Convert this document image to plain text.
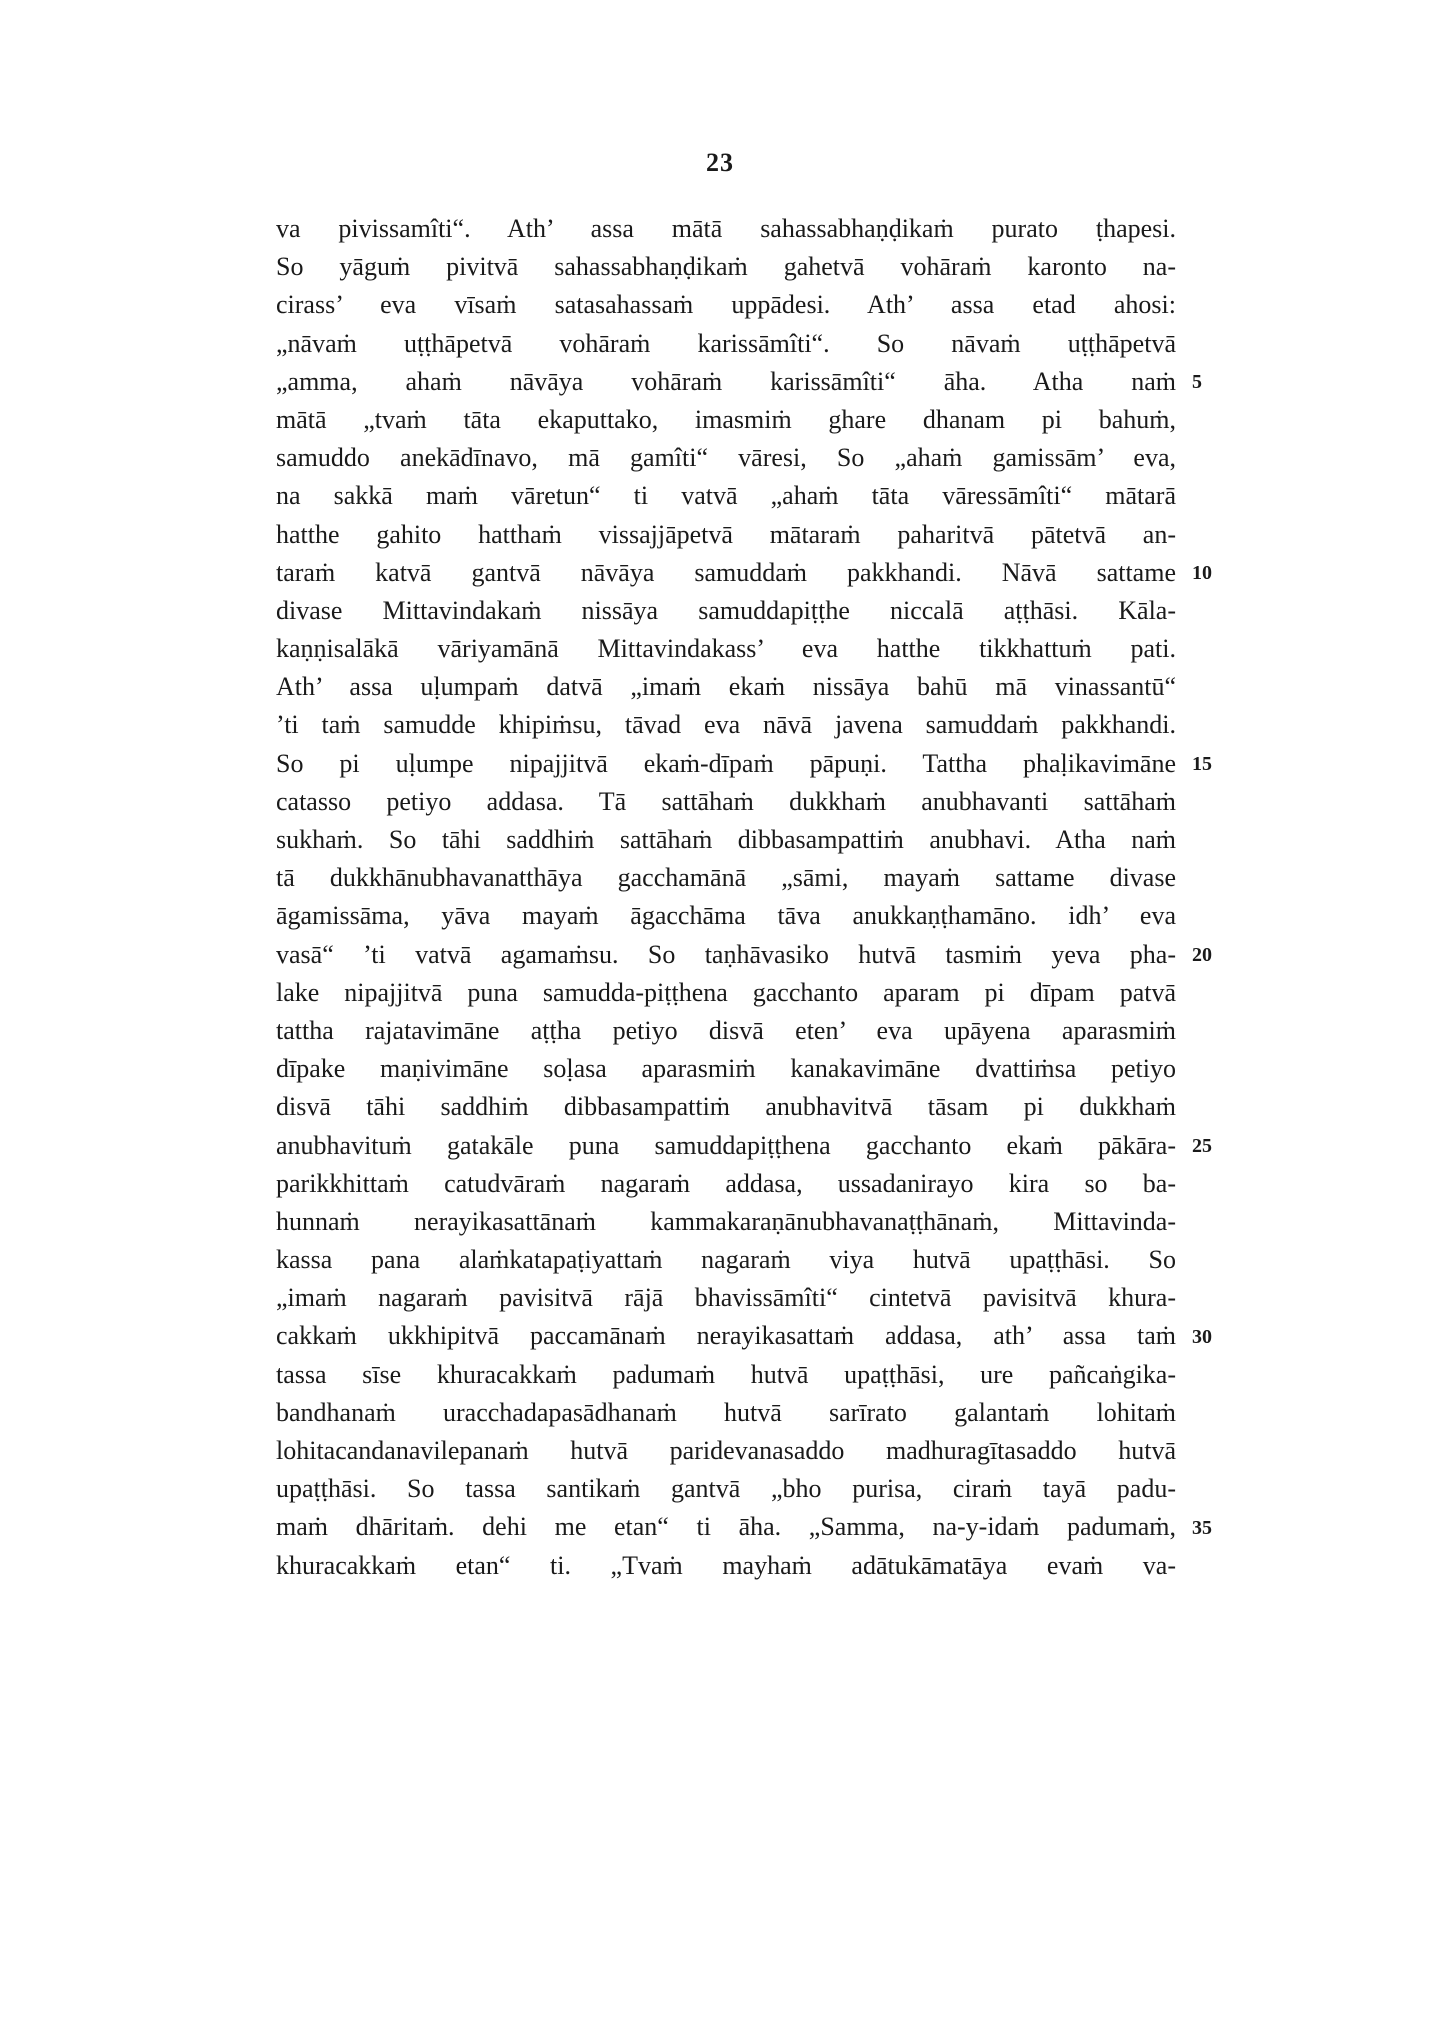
23
va pivissamîti“. Ath’ assa mātā sahassabhaṇḍikaṁ purato ṭhapesi.
So yāguṁ pivitvā sahassabhaṇḍikaṁ gahetvā vohāraṁ karonto na-
cirass’ eva vīsaṁ satasahassaṁ uppādesi. Ath’ assa etad ahosi:
„nāvaṁ uṭṭhāpetvā vohāraṁ karissāmîti“. So nāvaṁ uṭṭhāpetvā
„amma, ahaṁ nāvāya vohāraṁ karissāmîti“ āha. Atha naṁ
mātā „tvaṁ tāta ekaputtako, imasmiṁ ghare dhanam pi bahuṁ,
samuddo anekādīnavo, mā gamîti“ vāresi, So „ahaṁ gamissām’ eva,
na sakkā maṁ vāretun“ ti vatvā „ahaṁ tāta vāressāmîti“ mātarā
hatthe gahito hatthaṁ vissajjāpetvā mātaraṁ paharitvā pātetvā an-
taraṁ katvā gantvā nāvāya samuddaṁ pakkhandi. Nāvā sattame
divase Mittavindakaṁ nissāya samuddapiṭṭhe niccalā aṭṭhāsi. Kāla-
kaṇṇisalākā vāriyamānā Mittavindakass’ eva hatthe tikkhattuṁ pati.
Ath’ assa uḷumpaṁ datvā „imaṁ ekaṁ nissāya bahū mā vinassantū“
’ti taṁ samudde khipiṁsu, tāvad eva nāvā javena samuddaṁ pakkhandi.
So pi uḷumpe nipajjitvā ekaṁ-dīpaṁ pāpuṇi. Tattha phaḷikavimāne
catasso petiyo addasa. Tā sattāhaṁ dukkhaṁ anubhavanti sattāhaṁ
sukhaṁ. So tāhi saddhiṁ sattāhaṁ dibbasampattiṁ anubhavi. Atha naṁ
tā dukkhānubhavanatthāya gacchamānā „sāmi, mayaṁ sattame divase
āgamissāma, yāva mayaṁ āgacchāma tāva anukkaṇṭhamāno. idh’ eva
vasā“ ’ti vatvā agamaṁsu. So taṇhāvasiko hutvā tasmiṁ yeva pha-
lake nipajjitvā puna samudda-piṭṭhena gacchanto aparam pi dīpam patvā
tattha rajatavimāne aṭṭha petiyo disvā eten’ eva upāyena aparasmiṁ
dīpake maṇivimāne soḷasa aparasmiṁ kanakavimāne dvattiṁsa petiyo
disvā tāhi saddhiṁ dibbasampattiṁ anubhavitvā tāsam pi dukkhaṁ
anubhavituṁ gatakāle puna samuddapiṭṭhena gacchanto ekaṁ pākāra-
parikkhittaṁ catudvāraṁ nagaraṁ addasa, ussadanirayo kira so ba-
hunnaṁ nerayikasattānaṁ kammakaraṇānubhavanaṭṭhānaṁ, Mittavinda-
kassa pana alaṁkatapaṭiyattaṁ nagaraṁ viya hutvā upaṭṭhāsi. So
„imaṁ nagaraṁ pavisitvā rājā bhavissāmîti“ cintetvā pavisitvā khura-
cakkaṁ ukkhipitvā paccamānaṁ nerayikasattaṁ addasa, ath’ assa taṁ
tassa sīse khuracakkaṁ padumaṁ hutvā upaṭṭhāsi, ure pañcaṅgika-
bandhanaṁ uracchadapasādhanaṁ hutvā sarīrato galantaṁ lohitaṁ
lohitacandanavilepanaṁ hutvā paridevanasaddo madhuragītasaddo hutvā
upaṭṭhāsi. So tassa santikaṁ gantvā „bho purisa, ciraṁ tayā padu-
maṁ dhāritaṁ. dehi me etan“ ti āha. „Samma, na-y-idaṁ padumaṁ,
khuracakkaṁ etan“ ti. „Tvaṁ mayhaṁ adātukāmatāya evaṁ va-
5
10
15
20
25
30
35
